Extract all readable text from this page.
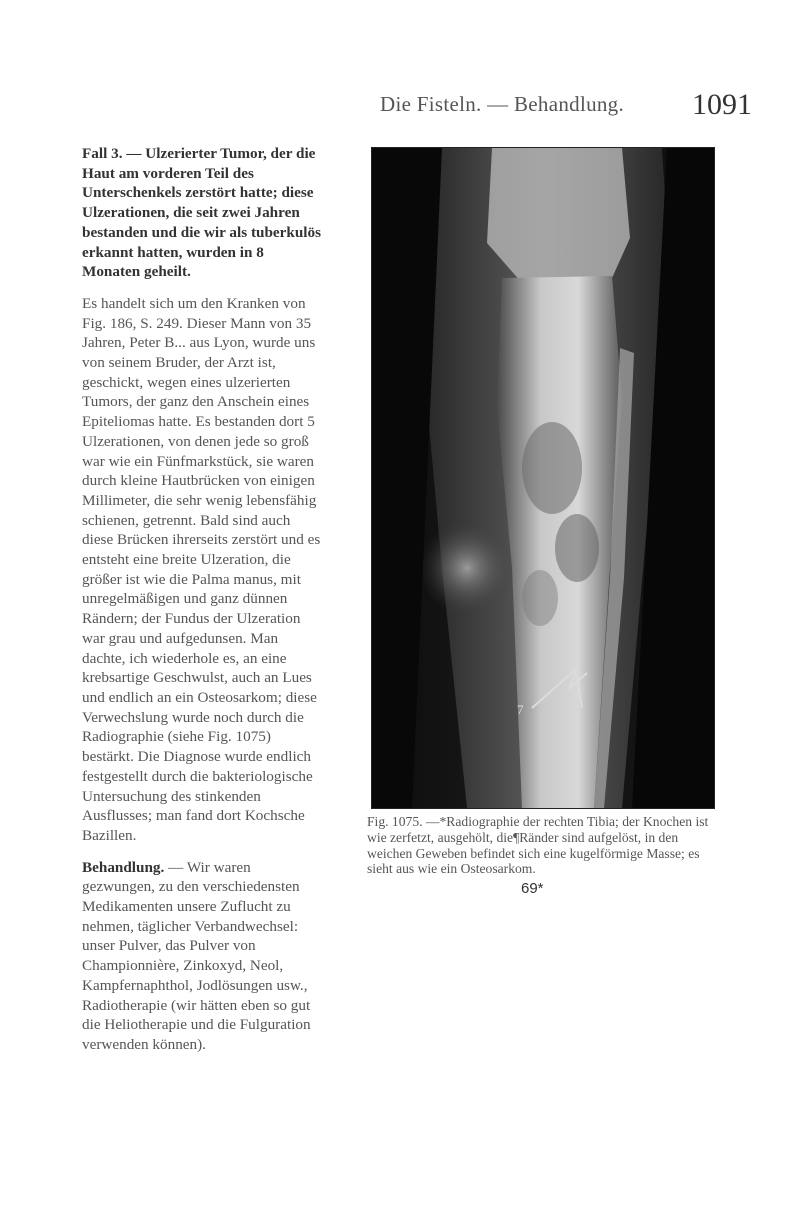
Die Fisteln. — Behandlung. 1091

Fall 3. — Ulzerierter Tumor, der die Haut am vorderen Teil des Unterschenkels zerstört hatte; diese Ulzerationen, die seit zwei Jahren bestanden und die wir als tuberkulös erkannt hatten, wurden in 8 Monaten geheilt.

Es handelt sich um den Kranken von Fig. 186, S. 249. Dieser Mann von 35 Jahren, Peter B... aus Lyon, wurde uns von seinem Bruder, der Arzt ist, geschickt, wegen eines ulzerierten Tumors, der ganz den Anschein eines Epiteliomas hatte. Es bestanden dort 5 Ulzerationen, von denen jede so groß war wie ein Fünfmarkstück, sie waren durch kleine Hautbrücken von einigen Millimeter, die sehr wenig lebensfähig schienen, getrennt. Bald sind auch diese Brücken ihrerseits zerstört und es entsteht eine breite Ulzeration, die größer ist wie die Palma manus, mit unregelmäßigen und ganz dünnen Rändern; der Fundus der Ulzeration war grau und aufgedunsen. Man dachte, ich wiederhole es, an eine krebsartige Geschwulst, auch an Lues und endlich an ein Osteosarkom; diese Verwechslung wurde noch durch die Radiographie (siehe Fig. 1075) bestärkt. Die Diagnose wurde endlich festgestellt durch die bakteriologische Untersuchung des stinkenden Ausflusses; man fand dort Kochsche Bazillen.

Behandlung. — Wir waren gezwungen, zu den verschiedensten Medikamenten unsere Zuflucht zu nehmen, täglicher Verbandwechsel: unser Pulver, das Pulver von Championnière, Zinkoxyd, Neol, Kampfernaphthol, Jodlösungen usw., Radiotherapie (wir hätten eben so gut die Heliotherapie und die Fulguration verwenden können).

7

Fig. 1075. —*Radiographie der rechten Tibia; der Knochen ist wie zerfetzt, ausgehölt, die¶Ränder sind aufgelöst, in den weichen Geweben befindet sich eine kugelförmige Masse; es sieht aus wie ein Osteosarkom.

69*
